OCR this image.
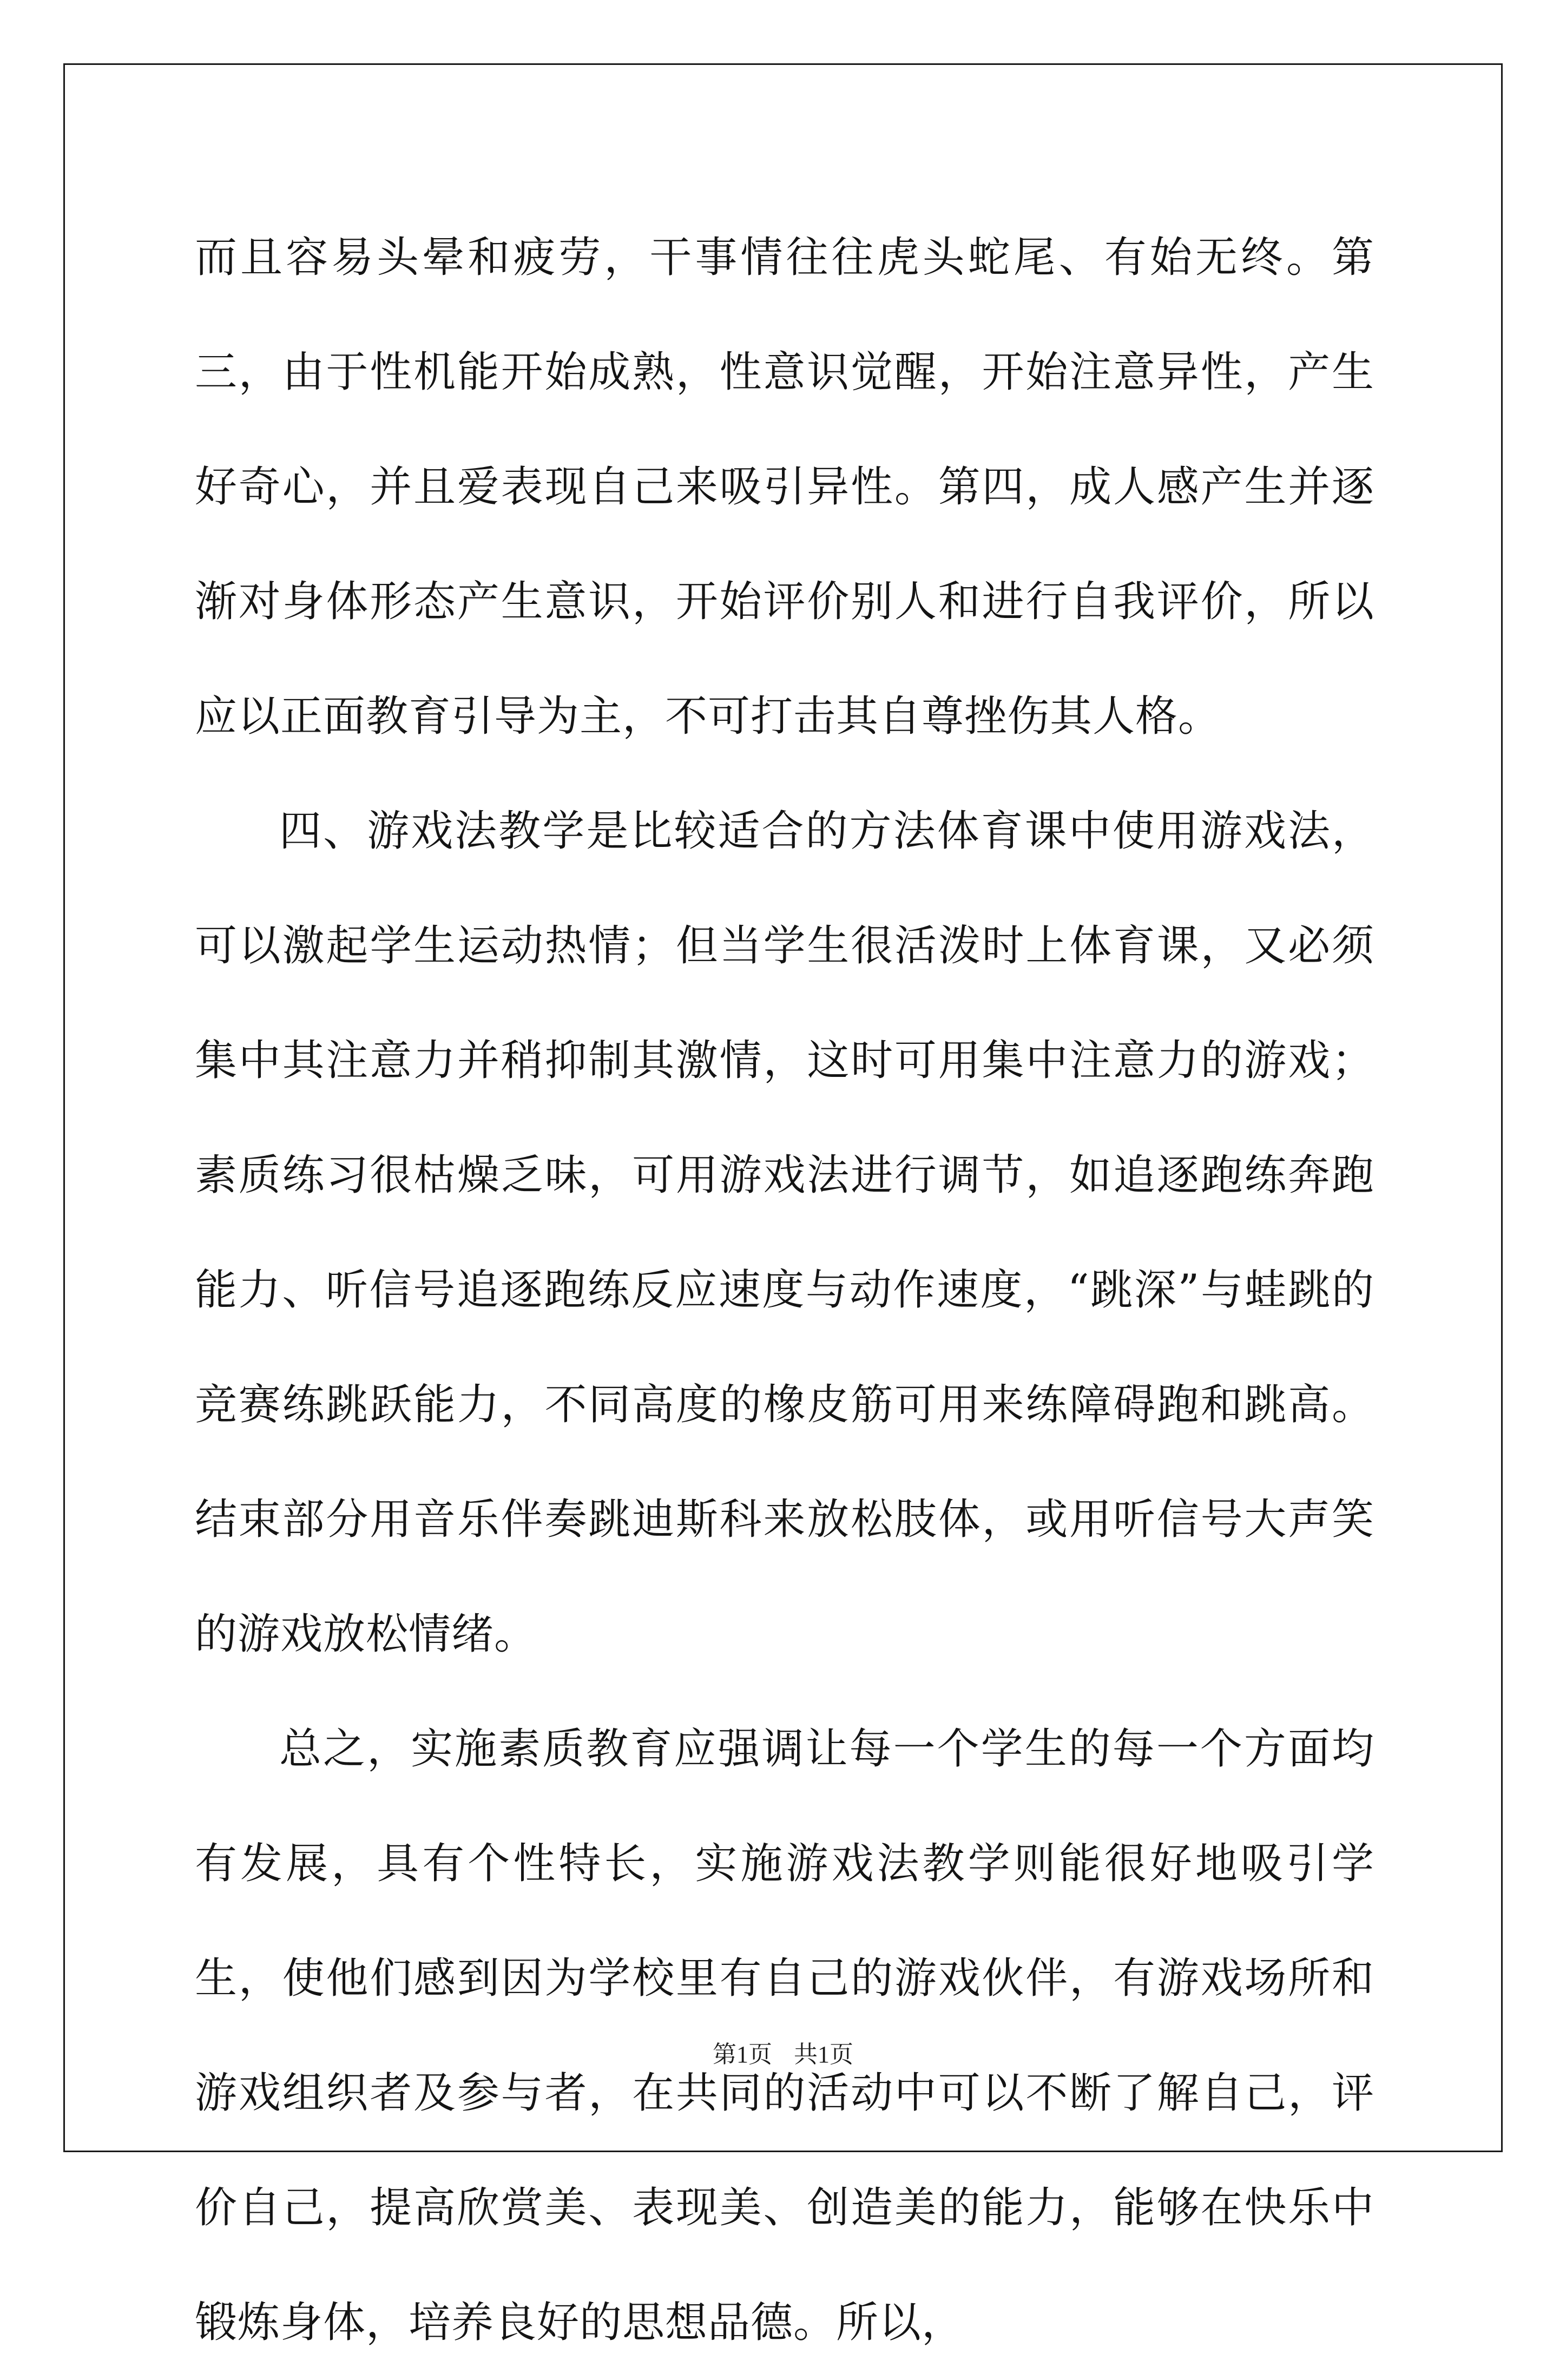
而且容易头晕和疲劳，干事情往往虎头蛇尾、有始无终。第三，由于性机能开始成熟，性意识觉醒，开始注意异性，产生好奇心，并且爱表现自己来吸引异性。第四，成人感产生并逐渐对身体形态产生意识，开始评价别人和进行自我评价，所以应以正面教育引导为主，不可打击其自尊挫伤其人格。

四、游戏法教学是比较适合的方法体育课中使用游戏法，可以激起学生运动热情；但当学生很活泼时上体育课，又必须集中其注意力并稍抑制其激情，这时可用集中注意力的游戏；素质练习很枯燥乏味，可用游戏法进行调节，如追逐跑练奔跑能力、听信号追逐跑练反应速度与动作速度，“跳深”与蛙跳的竞赛练跳跃能力，不同高度的橡皮筋可用来练障碍跑和跳高。结束部分用音乐伴奏跳迪斯科来放松肢体，或用听信号大声笑的游戏放松情绪。

总之，实施素质教育应强调让每一个学生的每一个方面均有发展，具有个性特长，实施游戏法教学则能很好地吸引学生，使他们感到因为学校里有自己的游戏伙伴，有游戏场所和游戏组织者及参与者，在共同的活动中可以不断了解自己，评价自己，提高欣赏美、表现美、创造美的能力，能够在快乐中锻炼身体，培养良好的思想品德。所以，

第1页 共1页
